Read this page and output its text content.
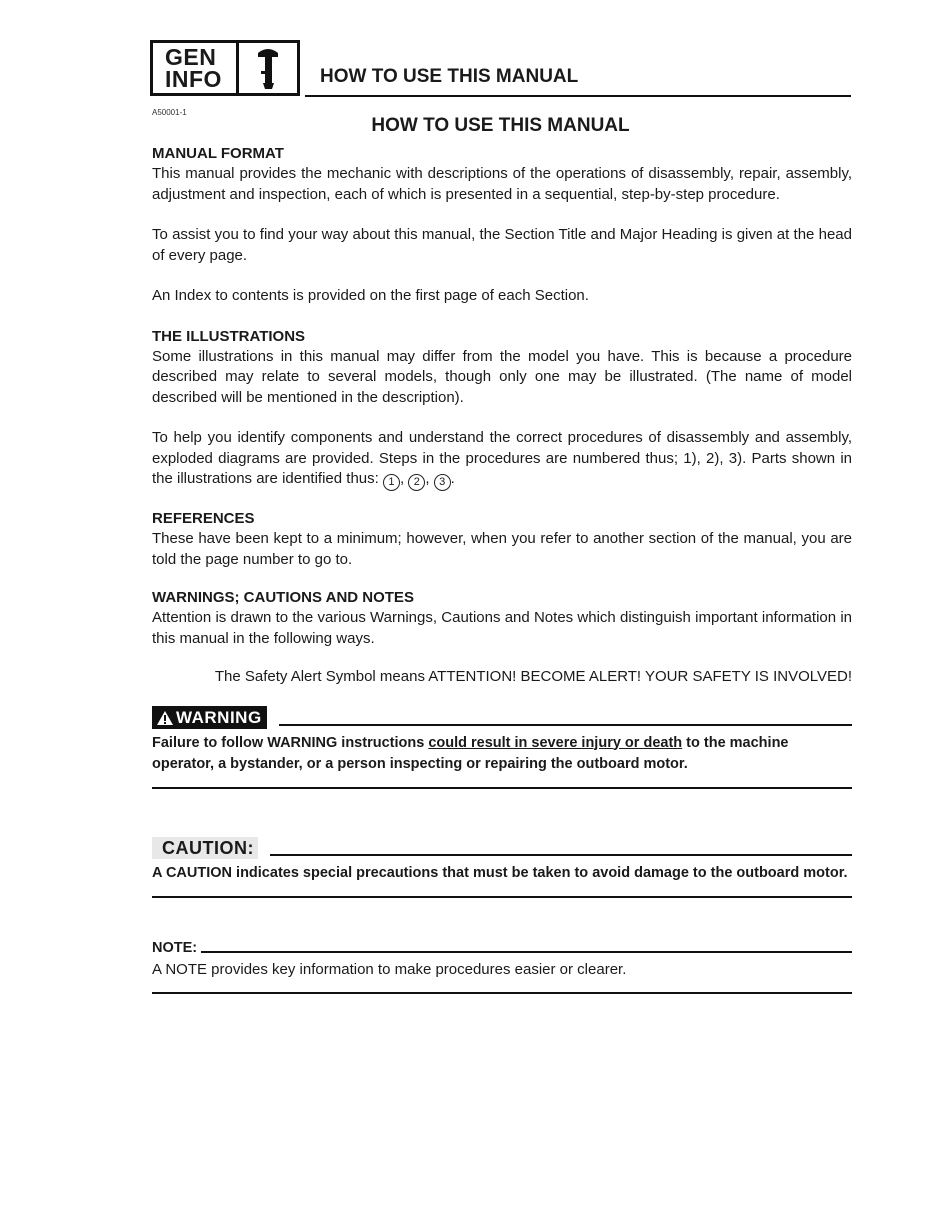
GEN
INFO	HOW TO USE THIS MANUAL
A50001-1
HOW TO USE THIS MANUAL

MANUAL FORMAT

This manual provides the mechanic with descriptions of the operations of disassembly, repair, assembly, adjustment and inspection, each of which is presented in a sequential, step-by-step procedure.

To assist you to find your way about this manual, the Section Title and Major Heading is given at the head of every page.

An Index to contents is provided on the first page of each Section.

THE ILLUSTRATIONS

Some illustrations in this manual may differ from the model you have. This is because a procedure described may relate to several models, though only one may be illustrated. (The name of model described will be mentioned in the description).

To help you identify components and understand the correct procedures of disassembly and assembly, exploded diagrams are provided. Steps in the procedures are numbered thus; 1), 2), 3). Parts shown in the illustrations are identified thus: 1 , 2 , 3 .

REFERENCES

These have been kept to a minimum; however, when you refer to another section of the manual, you are told the page number to go to.

WARNINGS; CAUTIONS AND NOTES

Attention is drawn to the various Warnings, Cautions and Notes which distinguish important information in this manual in the following ways.

The Safety Alert Symbol means ATTENTION! BECOME ALERT! YOUR SAFETY IS INVOLVED!

WARNING

Failure to follow WARNING instructions could result in severe injury or death to the machine operator, a bystander, or a person inspecting or repairing the outboard motor.

CAUTION:

A CAUTION indicates special precautions that must be taken to avoid damage to the outboard motor.

NOTE:

A NOTE provides key information to make procedures easier or clearer.
